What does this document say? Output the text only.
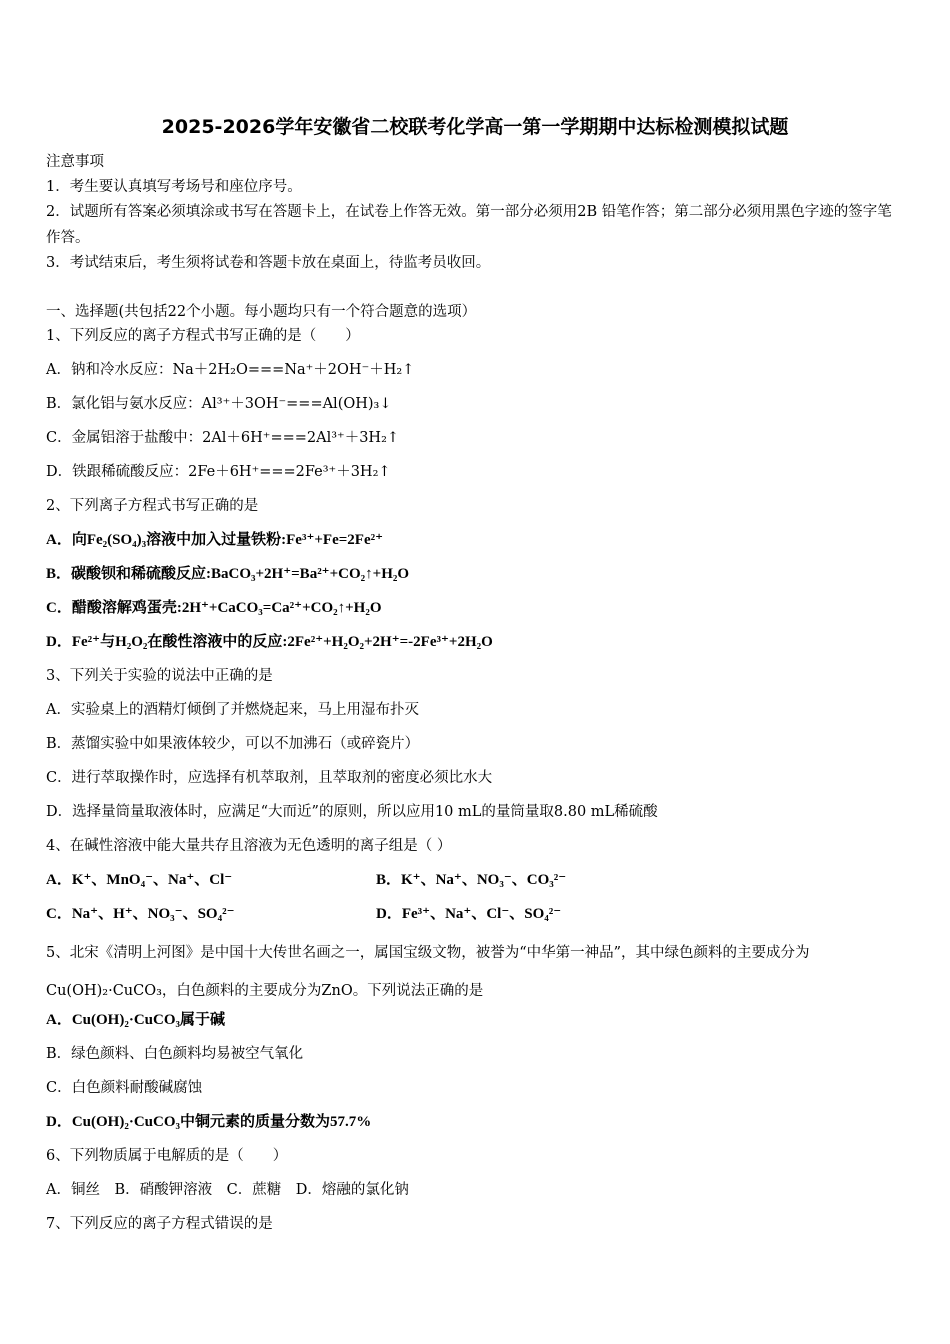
2025-2026学年安徽省二校联考化学高一第一学期期中达标检测模拟试题
注意事项
1．考生要认真填写考场号和座位序号。
2．试题所有答案必须填涂或书写在答题卡上，在试卷上作答无效。第一部分必须用2B 铅笔作答；第二部分必须用黑色字迹的签字笔作答。
3．考试结束后，考生须将试卷和答题卡放在桌面上，待监考员收回。
一、选择题(共包括22个小题。每小题均只有一个符合题意的选项）
1、下列反应的离子方程式书写正确的是（　　）
A．钠和冷水反应：Na＋2H₂O===Na⁺＋2OH⁻＋H₂↑
B．氯化铝与氨水反应：Al³⁺＋3OH⁻===Al(OH)₃↓
C．金属铝溶于盐酸中：2Al＋6H⁺===2Al³⁺＋3H₂↑
D．铁跟稀硫酸反应：2Fe＋6H⁺===2Fe³⁺＋3H₂↑
2、下列离子方程式书写正确的是
A．向Fe₂(SO₄)₃溶液中加入过量铁粉:Fe³⁺+Fe=2Fe²⁺
B．碳酸钡和稀硫酸反应:BaCO₃+2H⁺=Ba²⁺+CO₂↑+H₂O
C．醋酸溶解鸡蛋壳:2H⁺+CaCO₃=Ca²⁺+CO₂↑+H₂O
D．Fe²⁺与H₂O₂在酸性溶液中的反应:2Fe²⁺+H₂O₂+2H⁺=-2Fe³⁺+2H₂O
3、下列关于实验的说法中正确的是
A．实验桌上的酒精灯倾倒了并燃烧起来，马上用湿布扑灭
B．蒸馏实验中如果液体较少，可以不加沸石（或碎瓷片）
C．进行萃取操作时，应选择有机萃取剂，且萃取剂的密度必须比水大
D．选择量筒量取液体时，应满足“大而近”的原则，所以应用10 mL的量筒量取8.80 mL稀硫酸
4、在碱性溶液中能大量共存且溶液为无色透明的离子组是（ ）
A．K⁺、MnO₄⁻、Na⁺、Cl⁻	B．K⁺、Na⁺、NO₃⁻、CO₃²⁻
C．Na⁺、H⁺、NO₃⁻、SO₄²⁻	D．Fe³⁺、Na⁺、Cl⁻、SO₄²⁻
5、北宋《清明上河图》是中国十大传世名画之一，属国宝级文物，被誉为“中华第一神品”，其中绿色颜料的主要成分为Cu(OH)₂·CuCO₃，白色颜料的主要成分为ZnO。下列说法正确的是
A．Cu(OH)₂·CuCO₃属于碱
B．绿色颜料、白色颜料均易被空气氧化
C．白色颜料耐酸碱腐蚀
D．Cu(OH)₂·CuCO₃中铜元素的质量分数为57.7%
6、下列物质属于电解质的是（　　）
A．铜丝　B．硝酸钾溶液　C．蔗糖　D．熔融的氯化钠
7、下列反应的离子方程式错误的是
